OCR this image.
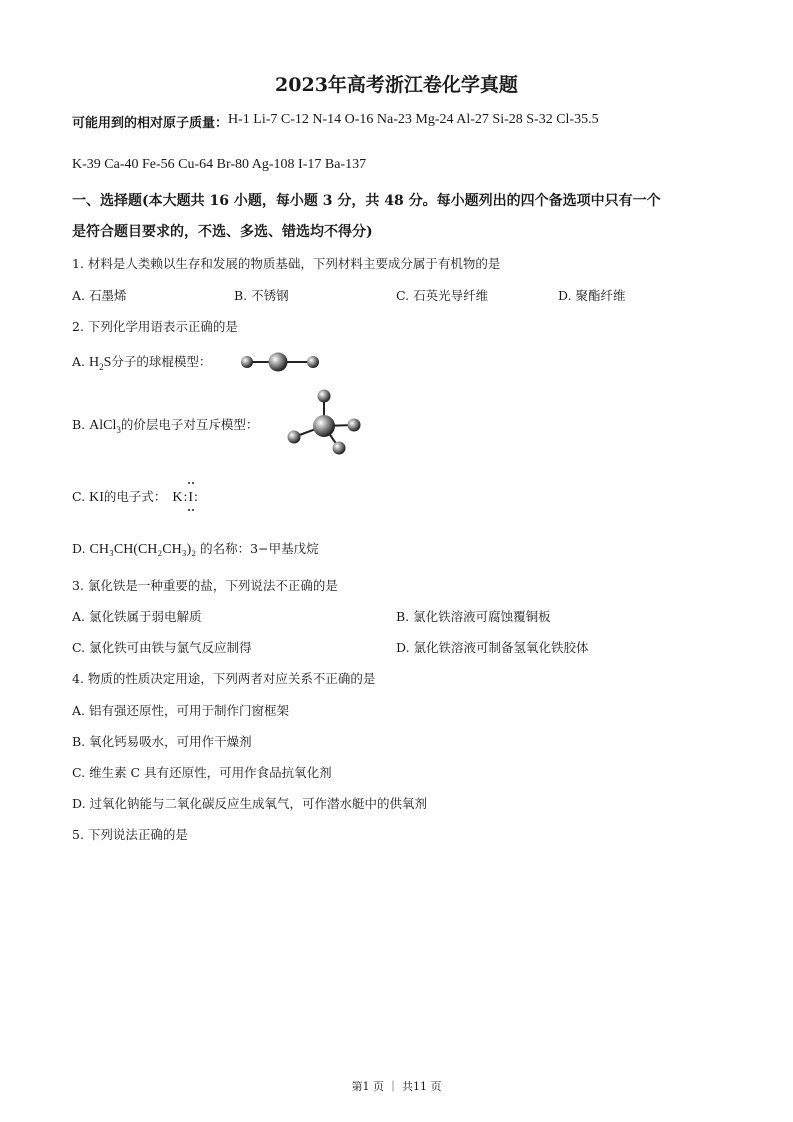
2023年高考浙江卷化学真题
可能用到的相对原子质量：H-1 Li-7 C-12 N-14 O-16 Na-23 Mg-24 Al-27 Si-28 S-32 Cl-35.5
K-39 Ca-40 Fe-56 Cu-64 Br-80 Ag-108 I-17 Ba-137
一、选择题(本大题共 16 小题，每小题 3 分，共 48 分。每小题列出的四个备选项中只有一个
是符合题目要求的，不选、多选、错选均不得分)
1. 材料是人类赖以生存和发展的物质基础，下列材料主要成分属于有机物的是
A. 石墨烯	B. 不锈钢	C. 石英光导纤维	D. 聚酯纤维
2. 下列化学用语表示正确的是
A. $H_2S$分子的球棍模型：
B. AlCl$_3$的价层电子对互斥模型：
C. KI的电子式： K:I
:
D. CH₃CH(CH₂CH₃)₂ 的名称：3−甲基戊烷
3. 氯化铁是一种重要的盐，下列说法不正确的是
A. 氯化铁属于弱电解质	B. 氯化铁溶液可腐蚀覆铜板
C. 氯化铁可由铁与氯气反应制得	D. 氯化铁溶液可制备氢氧化铁胶体
4. 物质的性质决定用途，下列两者对应关系不正确的是
A. 铝有强还原性，可用于制作门窗框架
B. 氧化钙易吸水，可用作干燥剂
C. 维生素 C 具有还原性，可用作食品抗氧化剂
D. 过氧化钠能与二氧化碳反应生成氧气，可作潜水艇中的供氧剂
5. 下列说法正确的是
第1 页 ｜ 共11 页
